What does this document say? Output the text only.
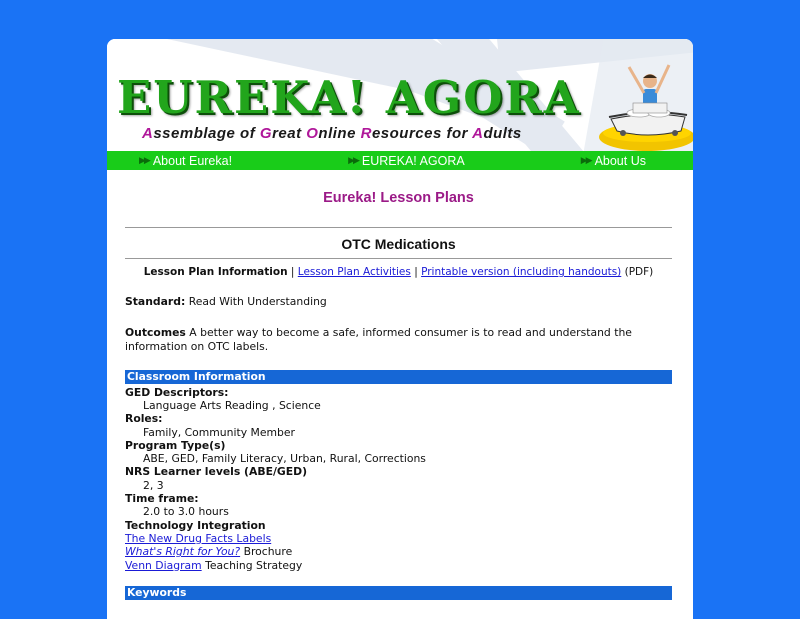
EUREKA! AGORA
Assemblage of Great Online Resources for Adults
▶▶ About Eureka!	▶▶ EUREKA! AGORA	▶▶ About Us
Eureka! Lesson Plans
OTC Medications
Lesson Plan Information | Lesson Plan Activities | Printable version (including handouts) (PDF)
Standard: Read With Understanding
Outcomes A better way to become a safe, informed consumer is to read and understand the information on OTC labels.
Classroom Information
GED Descriptors:
Language Arts Reading , Science
Roles:
Family, Community Member
Program Type(s)
ABE, GED, Family Literacy, Urban, Rural, Corrections
NRS Learner levels (ABE/GED)
2, 3
Time frame:
2.0 to 3.0 hours
Technology Integration
The New Drug Facts Labels
What's Right for You? Brochure
Venn Diagram Teaching Strategy
Keywords
